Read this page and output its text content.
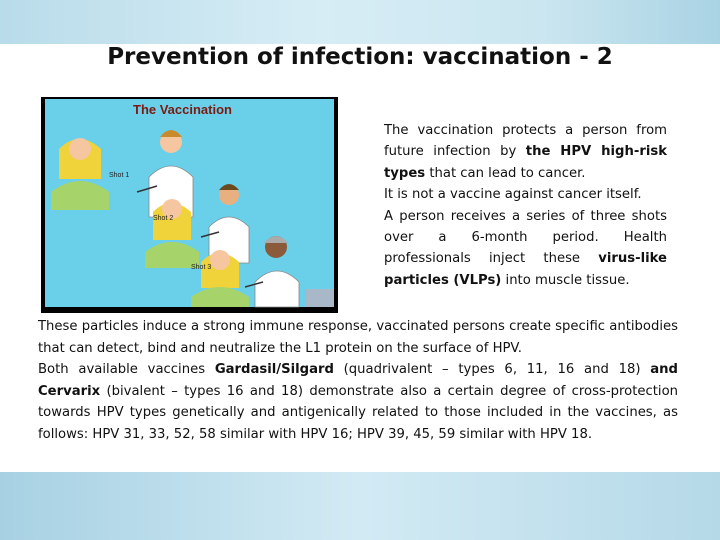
Prevention of infection: vaccination - 2
The Vaccination
Shot 1
Shot 2
Shot 3
The vaccination protects a person from future infection by the HPV high-risk types that can lead to cancer.
It is not a vaccine against cancer itself.
A person receives a series of three shots over a 6-month period. Health professionals inject these virus-like particles (VLPs) into muscle tissue.
These particles induce a strong immune response, vaccinated persons create specific antibodies that can detect, bind and neutralize the L1 protein on the surface of HPV.
Both available vaccines Gardasil/Silgard (quadrivalent – types 6, 11, 16 and 18) and Cervarix (bivalent – types 16 and 18) demonstrate also a certain degree of cross-protection towards HPV types genetically and antigenically related to those included in the vaccines, as follows: HPV 31, 33, 52, 58 similar with HPV 16; HPV 39, 45, 59 similar with HPV 18.
